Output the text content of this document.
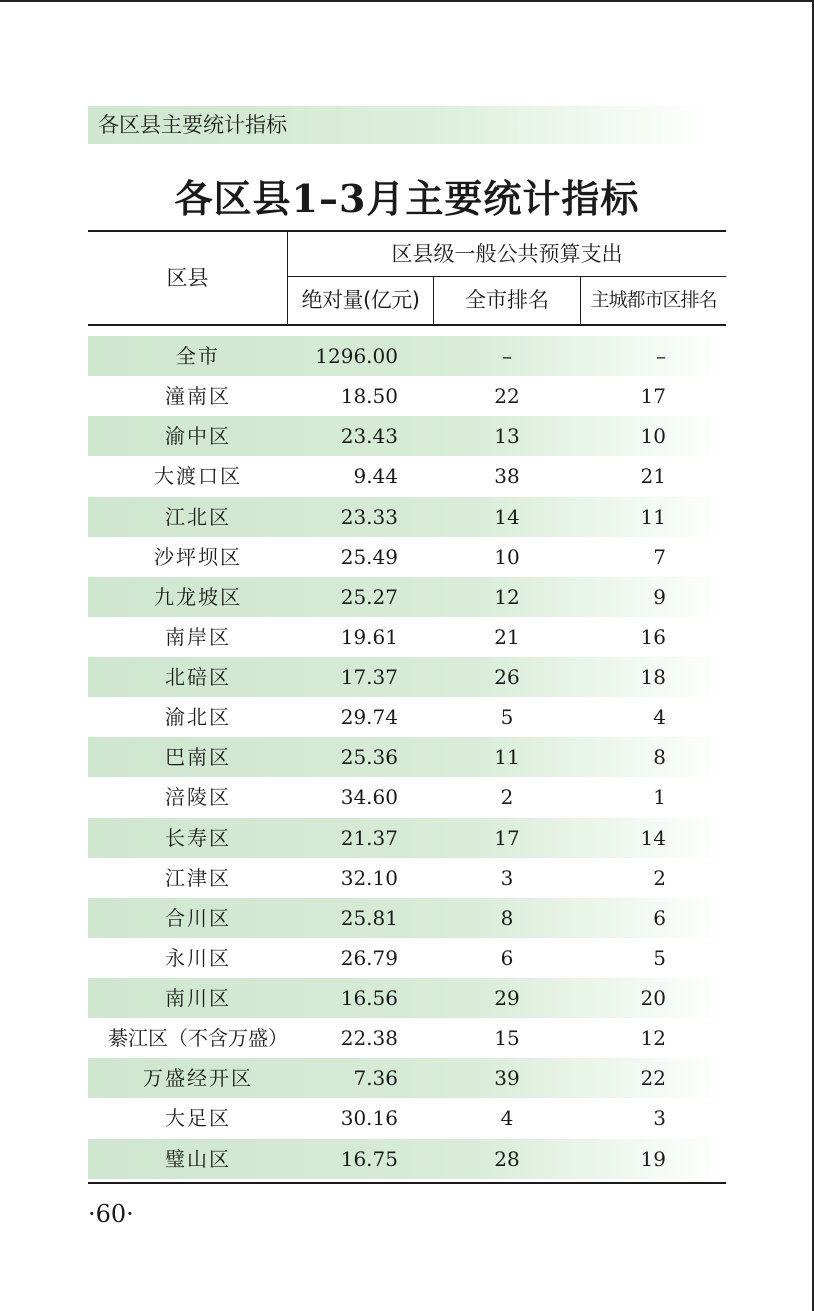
各区县主要统计指标
各区县1–3月主要统计指标
区县
区县级一般公共预算支出
绝对量(亿元)	全市排名	主城都市区排名
全市	1296.00	–	–
潼南区	18.50	22	17
渝中区	23.43	13	10
大渡口区	9.44	38	21
江北区	23.33	14	11
沙坪坝区	25.49	10	7
九龙坡区	25.27	12	9
南岸区	19.61	21	16
北碚区	17.37	26	18
渝北区	29.74	5	4
巴南区	25.36	11	8
涪陵区	34.60	2	1
长寿区	21.37	17	14
江津区	32.10	3	2
合川区	25.81	8	6
永川区	26.79	6	5
南川区	16.56	29	20
綦江区（不含万盛）	22.38	15	12
万盛经开区	7.36	39	22
大足区	30.16	4	3
璧山区	16.75	28	19
·60·
